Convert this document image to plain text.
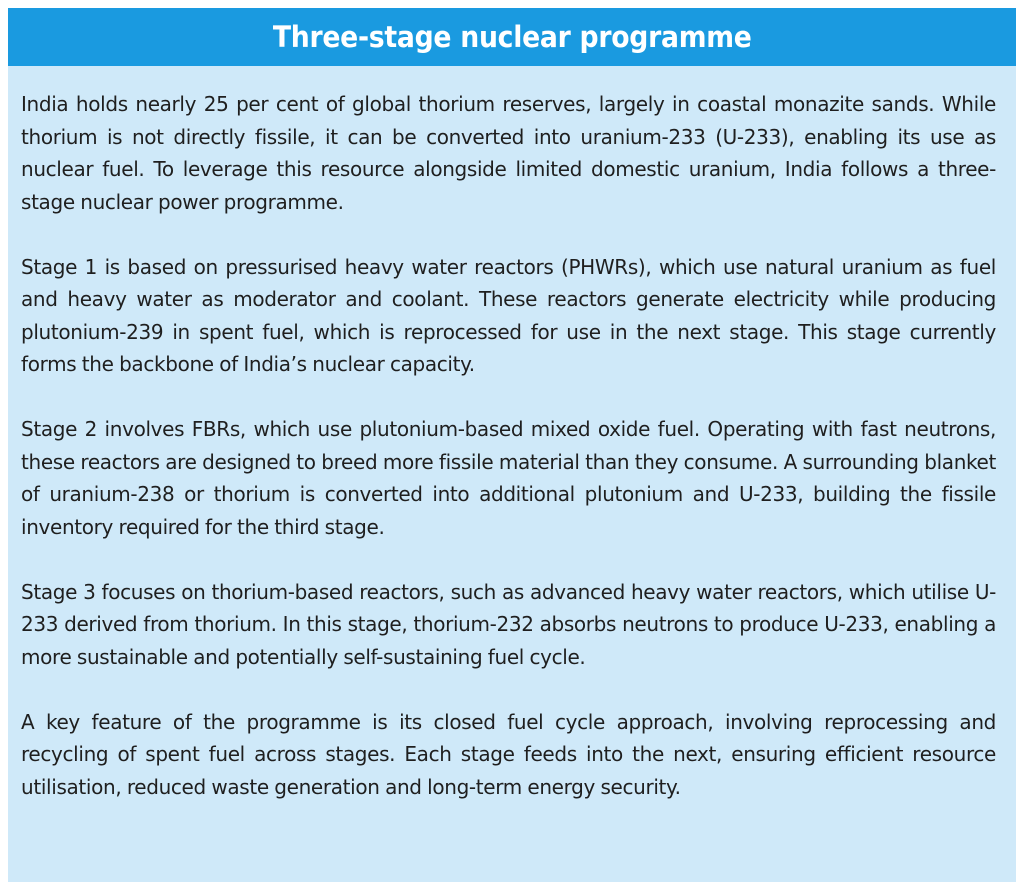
Three-stage nuclear programme

India holds nearly 25 per cent of global thorium reserves, largely in coastal monazite sands. While thorium is not directly fissile, it can be converted into uranium-233 (U-233), enabling its use as nuclear fuel. To leverage this resource alongside limited domestic uranium, India follows a three-stage nuclear power programme.

Stage 1 is based on pressurised heavy water reactors (PHWRs), which use natural uranium as fuel and heavy water as moderator and coolant. These reactors generate electricity while producing plutonium-239 in spent fuel, which is reprocessed for use in the next stage. This stage currently forms the backbone of India’s nuclear capacity.

Stage 2 involves FBRs, which use plutonium-based mixed oxide fuel. Operating with fast neutrons, these reactors are designed to breed more fissile material than they consume. A surrounding blanket of uranium-238 or thorium is converted into additional plutonium and U-233, building the fissile inventory required for the third stage.

Stage 3 focuses on thorium-based reactors, such as advanced heavy water reactors, which utilise U-233 derived from thorium. In this stage, thorium-232 absorbs neutrons to produce U-233, enabling a more sustainable and potentially self-sustaining fuel cycle.

A key feature of the programme is its closed fuel cycle approach, involving reprocessing and recycling of spent fuel across stages. Each stage feeds into the next, ensuring efficient resource utilisation, reduced waste generation and long-term energy security.
